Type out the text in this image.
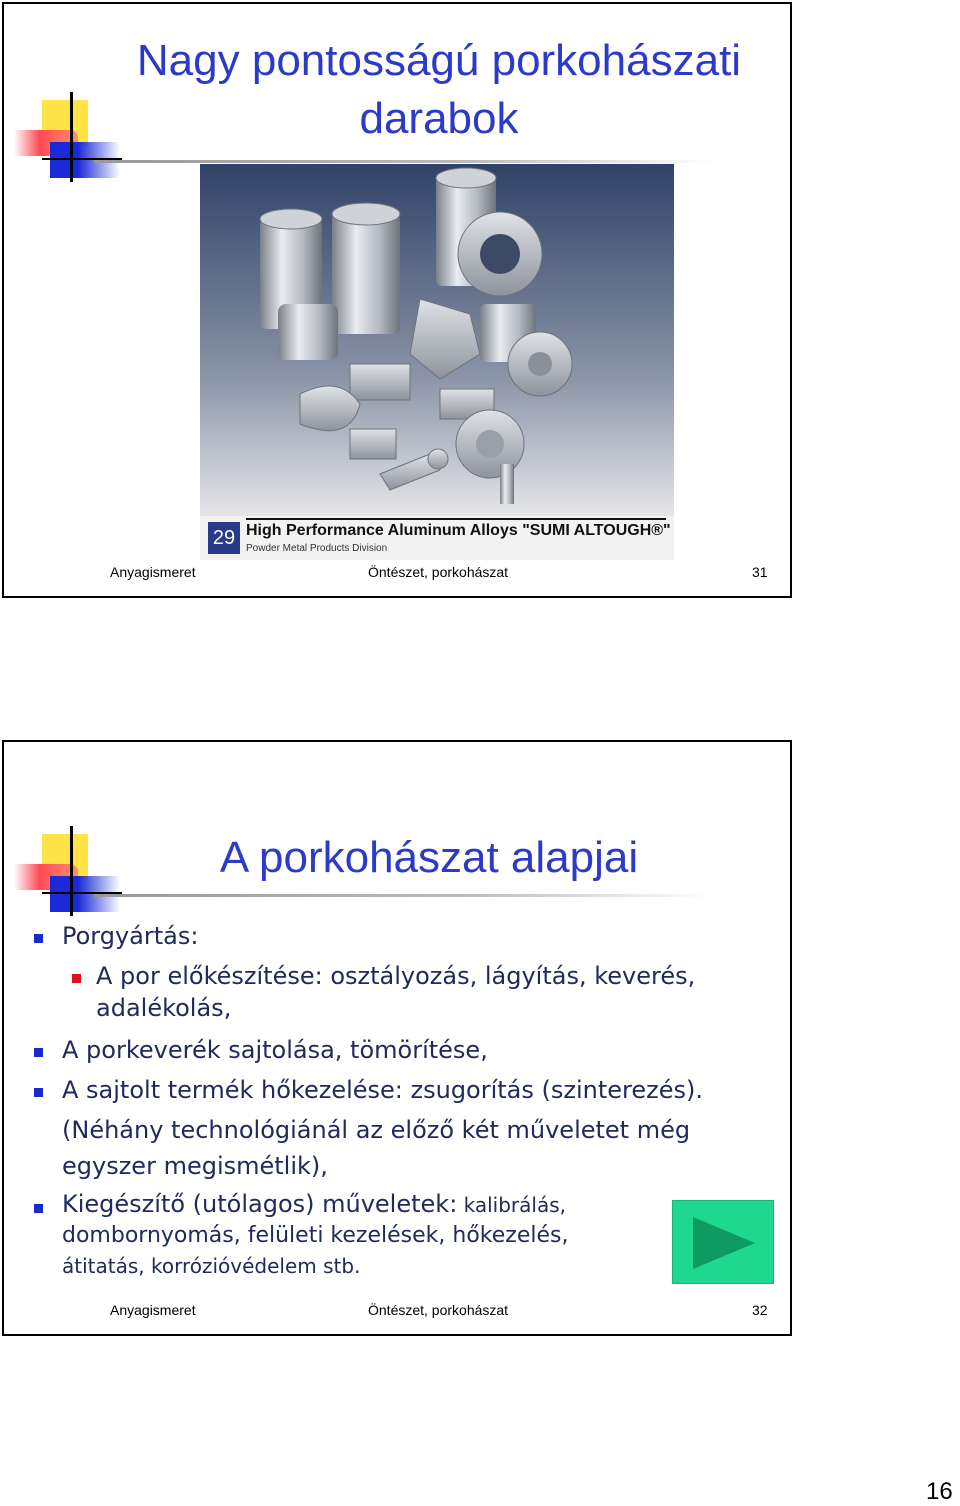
Nagy pontosságú porkohászati
darabok
29 High Performance Aluminum Alloys "SUMI ALTOUGH®"
Powder Metal Products Division
Anyagismeret	Öntészet, porkohászat	31
A porkohászat alapjai
Porgyártás:
A por előkészítése: osztályozás, lágyítás, keverés,
adalékolás,
A porkeverék sajtolása, tömörítése,
A sajtolt termék hőkezelése: zsugorítás (szinterezés).
(Néhány technológiánál az előző két műveletet még
egyszer megismétlik),
Kiegészítő (utólagos) műveletek: kalibrálás,
dombornyomás, felületi kezelések, hőkezelés,
átitatás, korrózióvédelem stb.
Anyagismeret	Öntészet, porkohászat	32
16
